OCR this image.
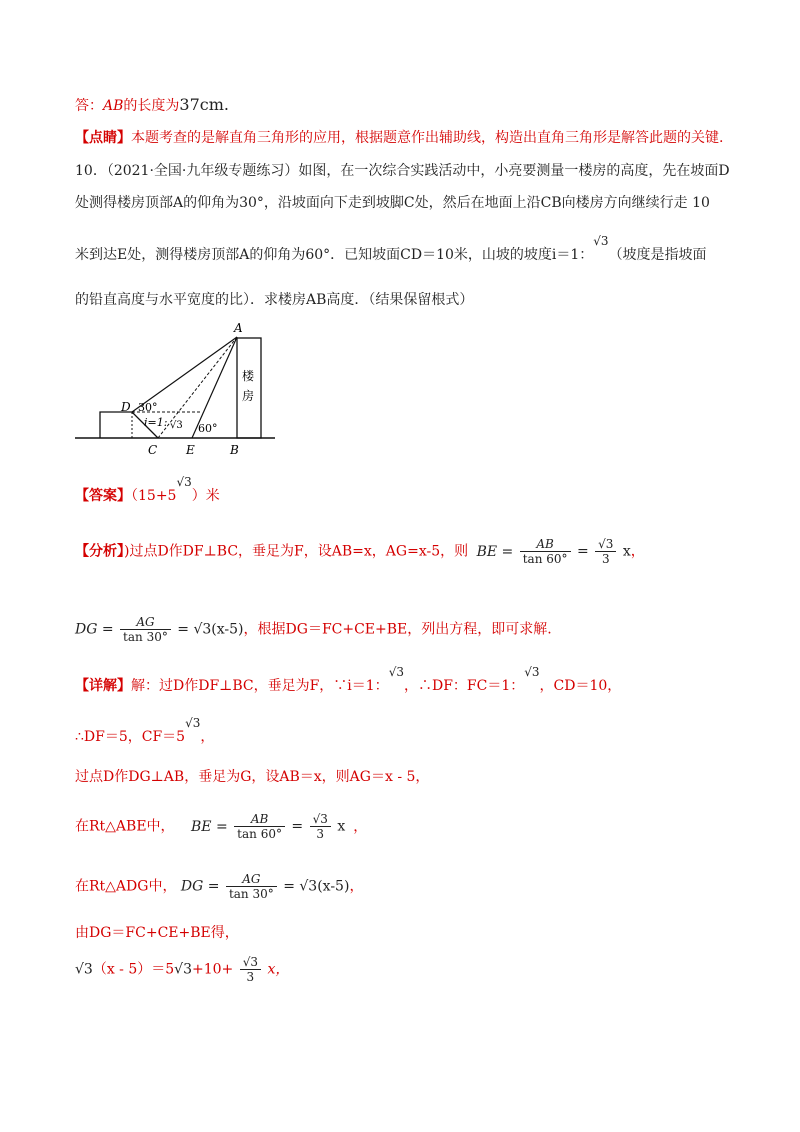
答：AB的长度为37cm.
【点睛】本题考查的是解直角三角形的应用，根据题意作出辅助线，构造出直角三角形是解答此题的关键.
10．（2021·全国·九年级专题练习）如图，在一次综合实践活动中，小亮要测量一楼房的高度，先在坡面D
处测得楼房顶部A的仰角为30°，沿坡面向下走到坡脚C处，然后在地面上沿CB向楼房方向继续行走 10
米到达E处，测得楼房顶部A的仰角为60°．已知坡面CD＝10米，山坡的坡度i＝1：√3（坡度是指坡面
的铅直高度与水平宽度的比）．求楼房AB高度．（结果保留根式）
A
B
C
D
E
30°
i=1: √3 60°
楼
房
【答案】（15+5√3）米
【分析】)过点D作DF⊥BC，垂足为F，设AB=x，AG=x-5，则 BE = $\frac{AB}{\tan 60^\circ} = \frac{√3}{3}$ x，
DG = $\frac{AG}{\tan 30^\circ} = √3(x-5)$，根据DG＝FC+CE+BE，列出方程，即可求解.
【详解】解：过D作DF⊥BC，垂足为F，∵i＝1：√3，∴DF：FC＝1：√3，CD＝10，
∴DF＝5，CF＝5√3，
过点D作DG⊥AB，垂足为G，设AB＝x，则AG＝x - 5，
在Rt△ABE中， BE = $\frac{AB}{\tan 60^\circ} = \frac{√3}{3}$ x ，
在Rt△ADG中， DG = $\frac{AG}{\tan 30^\circ} = √3(x-5)$，
由DG＝FC+CE+BE得，
$√3(x - 5)=5√3+10+ \frac{√3}{3}$ x，
